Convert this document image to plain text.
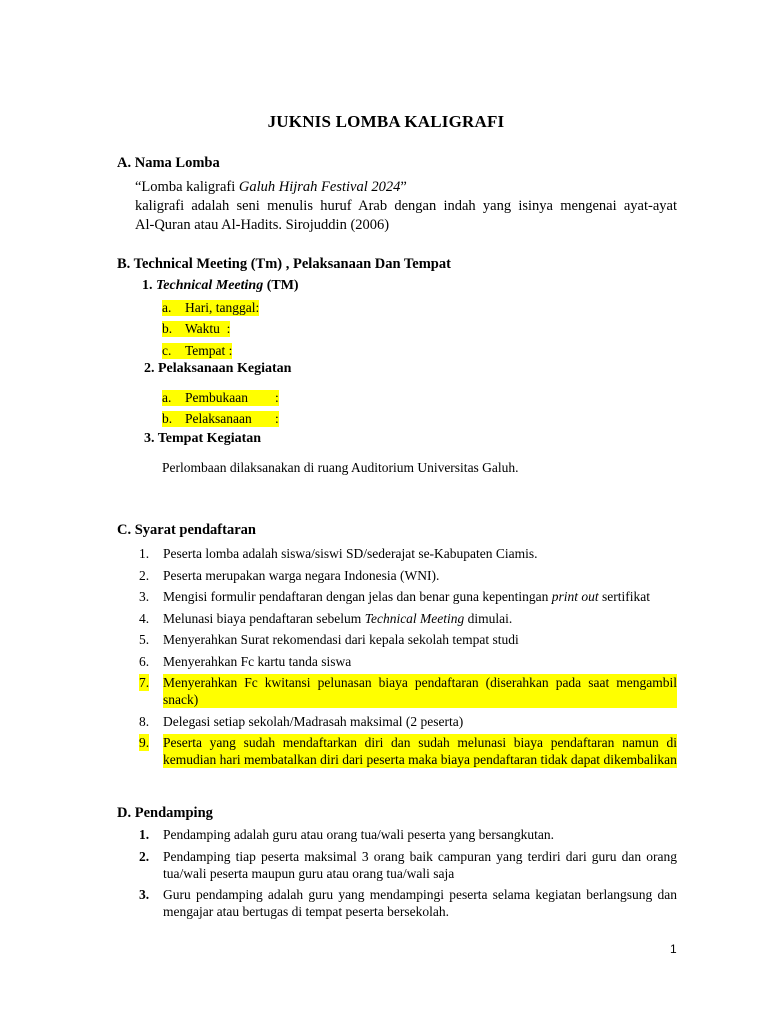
JUKNIS LOMBA KALIGRAFI
A. Nama Lomba
“Lomba kaligrafi Galuh Hijrah Festival 2024”
kaligrafi adalah seni menulis huruf Arab dengan indah yang isinya mengenai ayat-ayat
Al-Quran atau Al-Hadits. Sirojuddin (2006)
B. Technical Meeting (Tm) , Pelaksanaan Dan Tempat
1. Technical Meeting (TM)
a. Hari, tanggal:
b. Waktu  :
c. Tempat :
2. Pelaksanaan Kegiatan
a. Pembukaan :
b. Pelaksanaan :
3. Tempat Kegiatan
Perlombaan dilaksanakan di ruang Auditorium Universitas Galuh.
C. Syarat pendaftaran
1. Peserta lomba adalah siswa/siswi SD/sederajat se-Kabupaten Ciamis.
2. Peserta merupakan warga negara Indonesia (WNI).
3. Mengisi formulir pendaftaran dengan jelas dan benar guna kepentingan print out sertifikat
4. Melunasi biaya pendaftaran sebelum Technical Meeting dimulai.
5. Menyerahkan Surat rekomendasi dari kepala sekolah tempat studi
6. Menyerahkan Fc kartu tanda siswa
7. Menyerahkan Fc kwitansi pelunasan biaya pendaftaran (diserahkan pada saat mengambil snack)
8. Delegasi setiap sekolah/Madrasah maksimal (2 peserta)
9. Peserta yang sudah mendaftarkan diri dan sudah melunasi biaya pendaftaran namun di kemudian hari membatalkan diri dari peserta maka biaya pendaftaran tidak dapat dikembalikan
D. Pendamping
1. Pendamping adalah guru atau orang tua/wali peserta yang bersangkutan.
2. Pendamping tiap peserta maksimal 3 orang baik campuran yang terdiri dari guru dan orang tua/wali peserta maupun guru atau orang tua/wali saja
3. Guru pendamping adalah guru yang mendampingi peserta selama kegiatan berlangsung dan mengajar atau bertugas di tempat peserta bersekolah.
1
